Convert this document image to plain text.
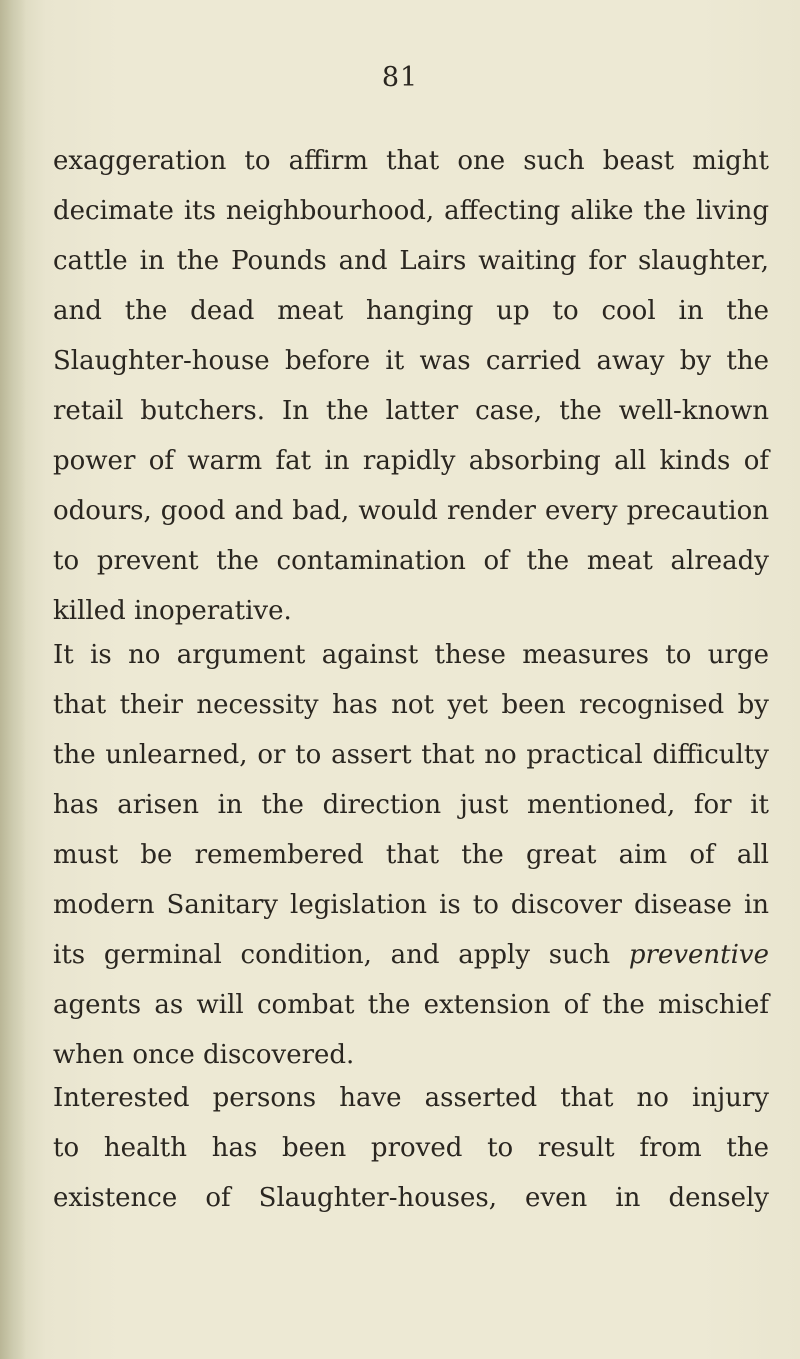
81
exaggeration to affirm that one such beast might
decimate its neighbourhood, affecting alike the living
cattle in the Pounds and Lairs waiting for slaughter,
and the dead meat hanging up to cool in the
Slaughter-house before it was carried away by the
retail butchers. In the latter case, the well-known
power of warm fat in rapidly absorbing all kinds of
odours, good and bad, would render every precaution
to prevent the contamination of the meat already
killed inoperative.
It is no argument against these measures to urge
that their necessity has not yet been recognised by
the unlearned, or to assert that no practical difficulty
has arisen in the direction just mentioned, for it
must be remembered that the great aim of all
modern Sanitary legislation is to discover disease in
its germinal condition, and apply such preventive
agents as will combat the extension of the mischief
when once discovered.
Interested persons have asserted that no injury
to health has been proved to result from the
existence of Slaughter-houses, even in densely
